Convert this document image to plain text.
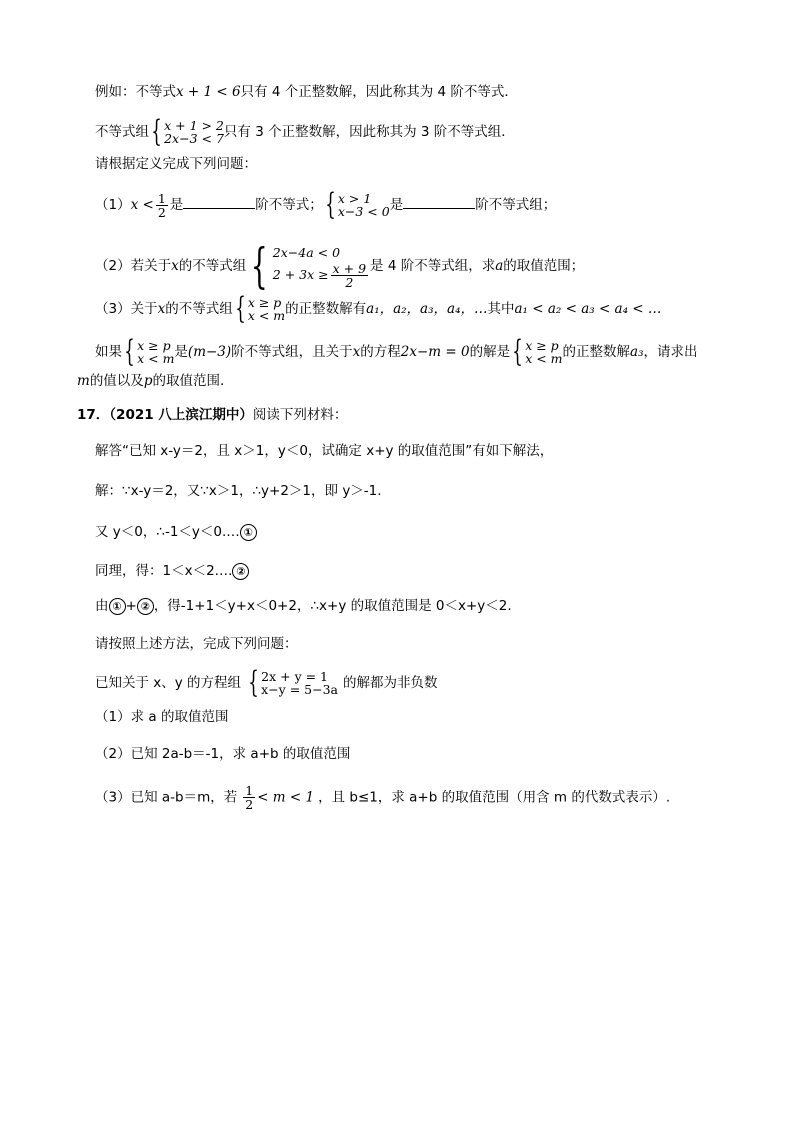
例如：不等式x + 1 < 6只有 4 个正整数解，因此称其为 4 阶不等式．
不等式组 { x + 1 > 2
2x−3 < 7 只有 3 个正整数解，因此称其为 3 阶不等式组．
请根据定义完成下列问题：
$(1)x < \frac{1}{2}$ 是	阶不等式； { x > 1
x−3 < 0 是	阶不等式组；
（2）若关于x的不等式组 { 2x−4a < 0
$2 + 3x \ge \frac{x + 9}{2}$ 是 4 阶不等式组，求a的取值范围；
（3）关于x的不等式组 { x ≥ p
x < m 的正整数解有a₁，a₂，a₃，a₄，…其中a₁ < a₂ < a₃ < a₄ < …
如果 { x ≥ p
x < m 是(m−3)阶不等式组，且关于x的方程2x−m = 0的解是 { x ≥ p
x < m 的正整数解a₃，请求出
m的值以及p的取值范围．
17．（2021 八上滨江期中）阅读下列材料：
解答“已知 x-y＝2，且 x＞1，y＜0，试确定 x+y 的取值范围”有如下解法，
解：∵x-y＝2，又∵x＞1，∴y+2＞1，即 y＞-1.
又 y＜0，∴-1＜y＜0.… ①
同理，得：1＜x＜2.… ②
由 ① + ② ，得-1+1＜y+x＜0+2，∴x+y 的取值范围是 0＜x+y＜2.
请按照上述方法，完成下列问题：
已知关于 x、y 的方程组 { 2x + y = 1
x−y = 5−3a 的解都为非负数
（1）求 a 的取值范围
（2）已知 2a-b＝-1，求 a+b 的取值范围
（3）已知 a-b＝m，若 $\frac{1}{2} < m < 1$ ，且 b≤1，求 a+b 的取值范围（用含 m 的代数式表示）.
